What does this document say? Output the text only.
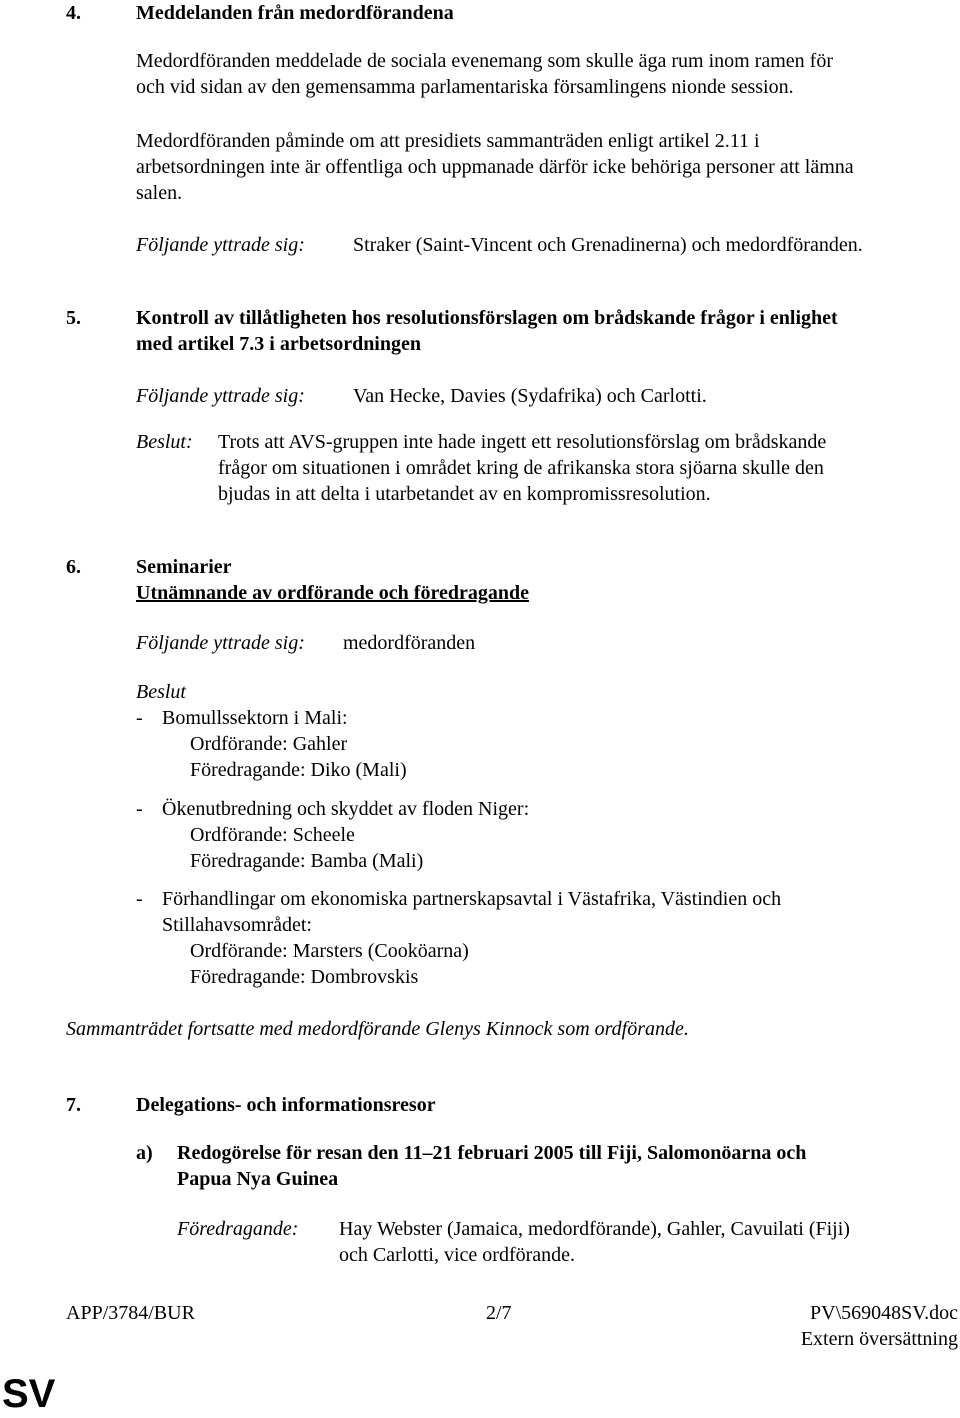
4.	Meddelanden från medordförandena
Medordföranden meddelade de sociala evenemang som skulle äga rum inom ramen för
och vid sidan av den gemensamma parlamentariska församlingens nionde session.
Medordföranden påminde om att presidiets sammanträden enligt artikel 2.11 i
arbetsordningen inte är offentliga och uppmanade därför icke behöriga personer att lämna
salen.
Följande yttrade sig: Straker (Saint-Vincent och Grenadinerna) och medordföranden.
5.	Kontroll av tillåtligheten hos resolutionsförslagen om brådskande frågor i enlighet
med artikel 7.3 i arbetsordningen
Följande yttrade sig: Van Hecke, Davies (Sydafrika) och Carlotti.
Beslut: Trots att AVS-gruppen inte hade ingett ett resolutionsförslag om brådskande
frågor om situationen i området kring de afrikanska stora sjöarna skulle den
bjudas in att delta i utarbetandet av en kompromissresolution.
6.	Seminarier
Utnämnande av ordförande och föredragande
Följande yttrade sig: medordföranden
Beslut
- Bomullssektorn i Mali:
Ordförande: Gahler
Föredragande: Diko (Mali)
- Ökenutbredning och skyddet av floden Niger:
Ordförande: Scheele
Föredragande: Bamba (Mali)
- Förhandlingar om ekonomiska partnerskapsavtal i Västafrika, Västindien och
Stillahavsområdet:
Ordförande: Marsters (Cooköarna)
Föredragande: Dombrovskis
Sammanträdet fortsatte med medordförande Glenys Kinnock som ordförande.
7.	Delegations- och informationsresor
a) Redogörelse för resan den 11–21 februari 2005 till Fiji, Salomonöarna och
Papua Nya Guinea
Föredragande: Hay Webster (Jamaica, medordförande), Gahler, Cavuilati (Fiji)
och Carlotti, vice ordförande.
APP/3784/BUR	2/7	PV\569048SV.doc
Extern översättning
SV
